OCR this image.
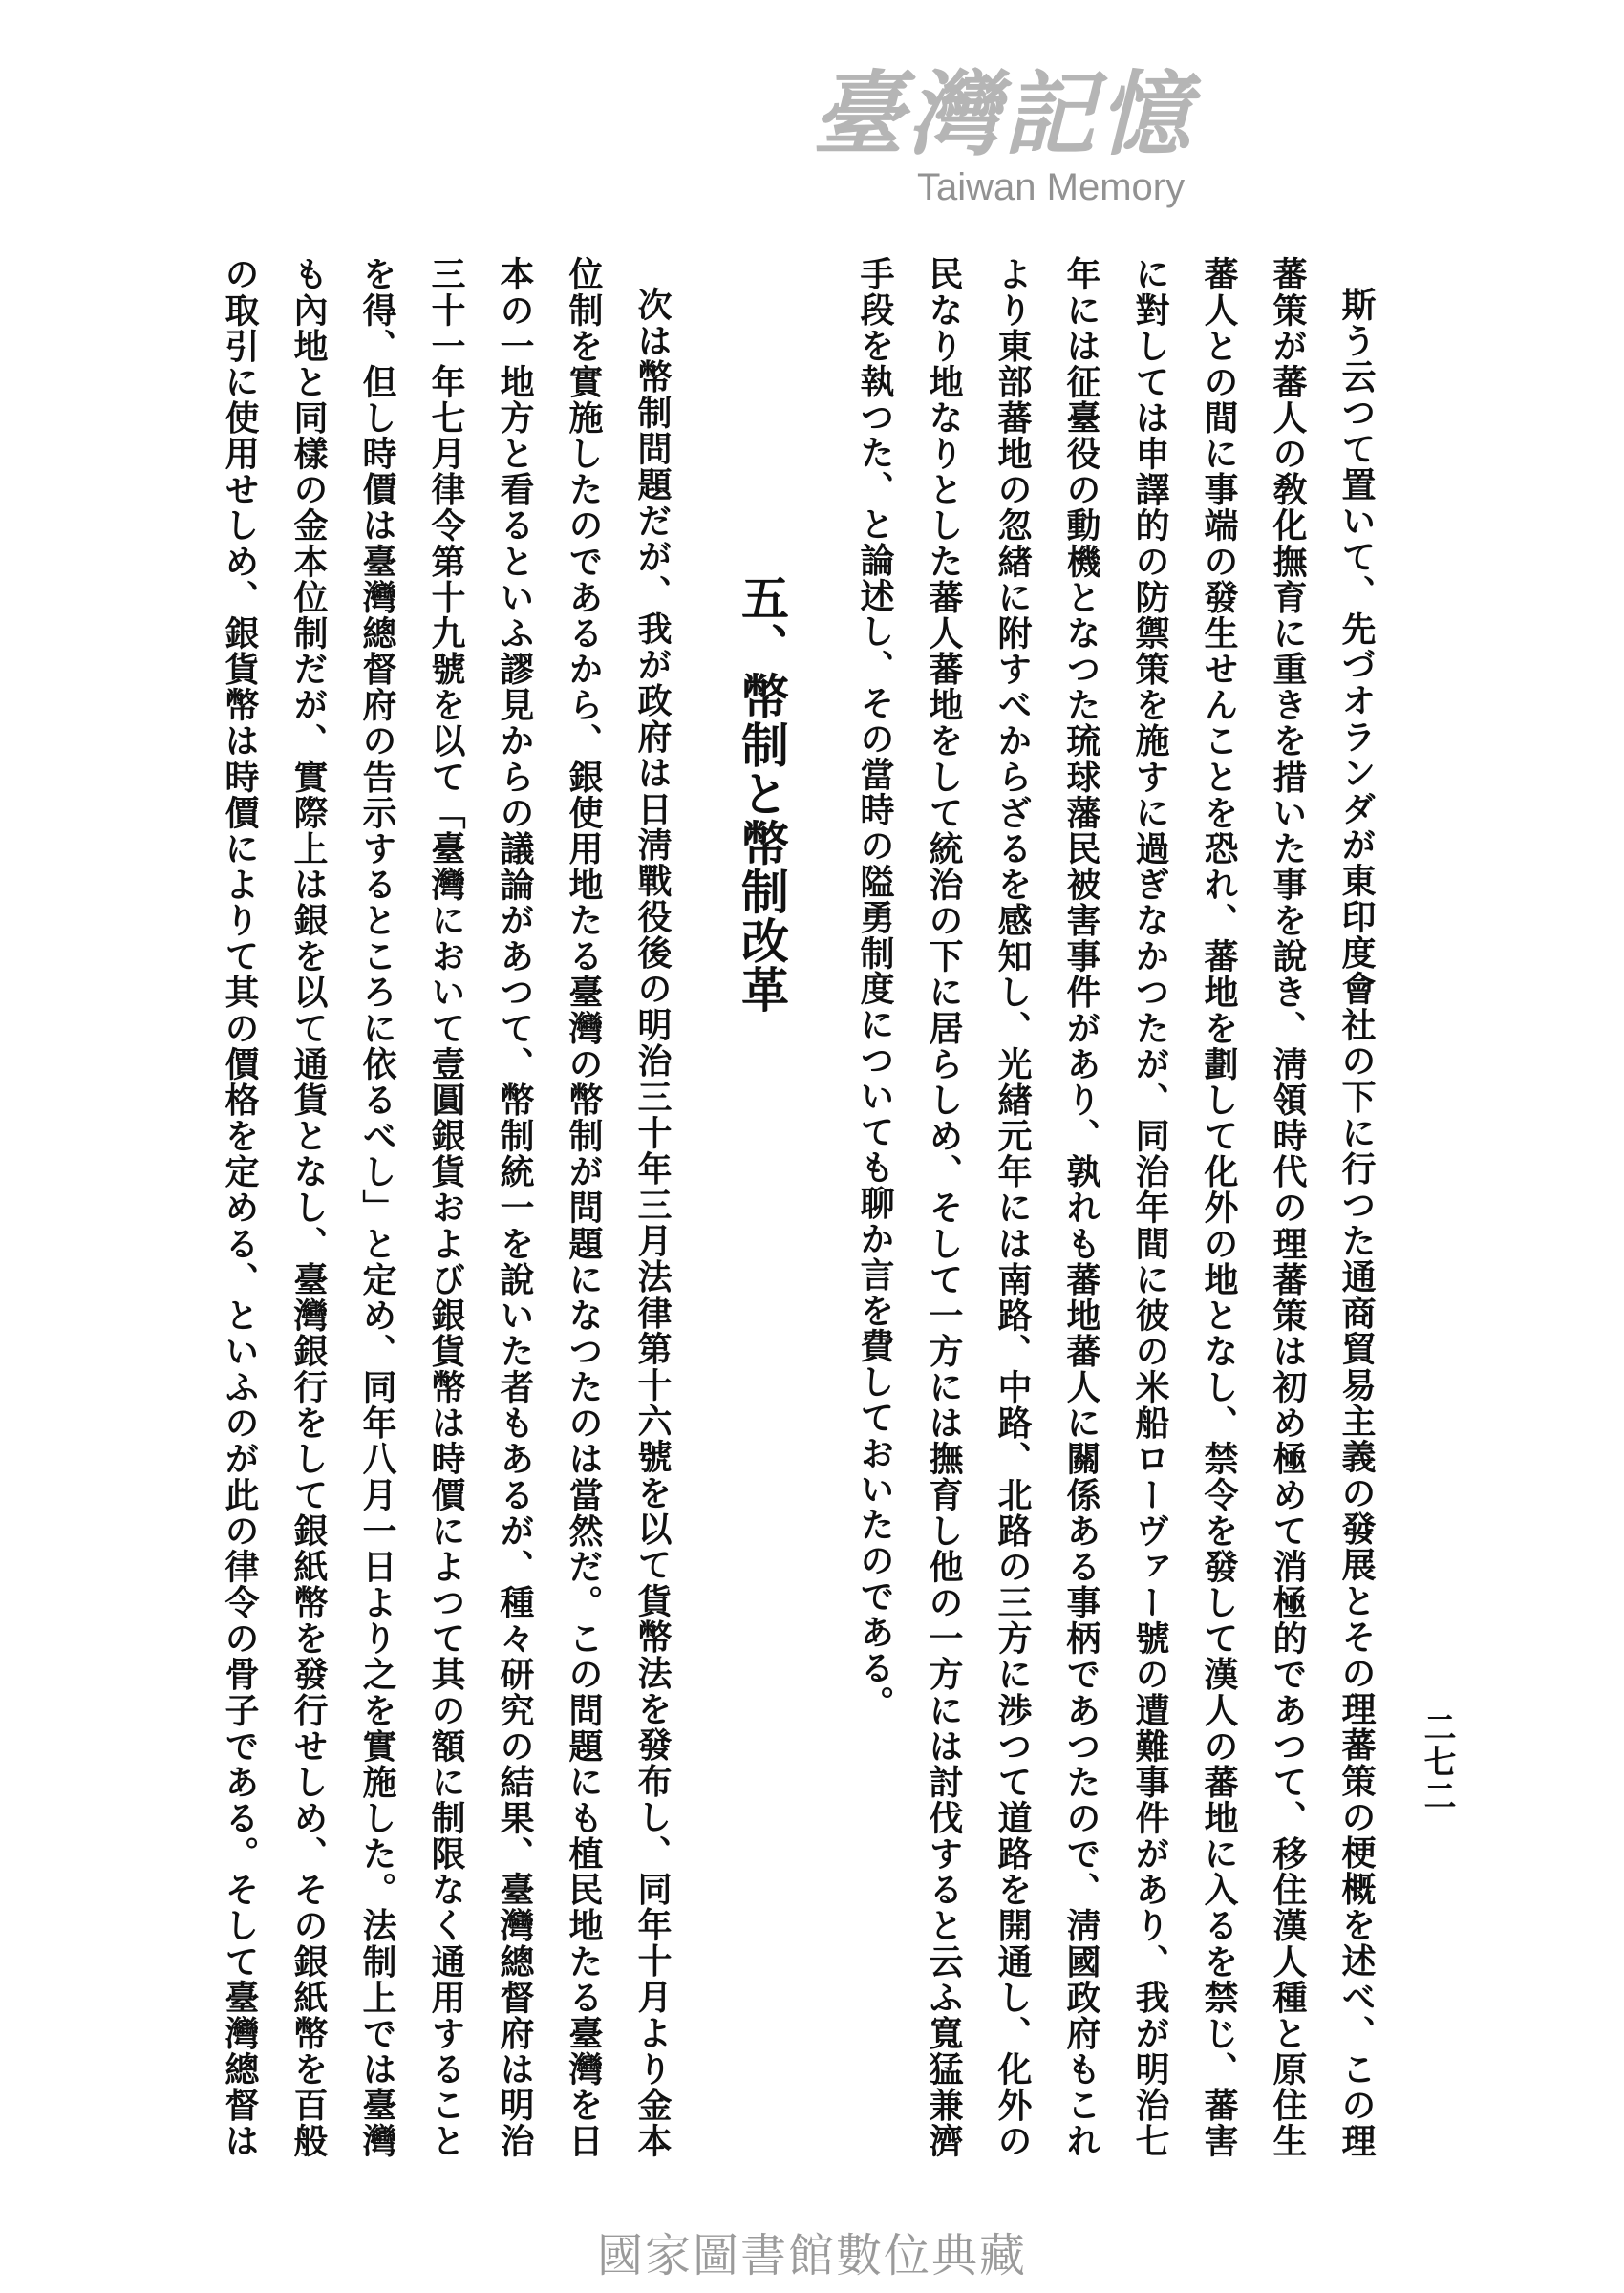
二七二
斯う云つて置いて、先づオランダが東印度會社の下に行つた通商貿易主義の發展とその理蕃策の梗概を述べ、この理
蕃策が蕃人の敎化撫育に重きを措いた事を說き、淸領時代の理蕃策は初め極めて消極的であつて、移住漢人種と原住生
蕃人との間に事端の發生せんことを恐れ、蕃地を劃して化外の地となし、禁令を發して漢人の蕃地に入るを禁じ、蕃害
に對しては申譯的の防禦策を施すに過ぎなかつたが、同治年間に彼の米船ローヴァー號の遭難事件があり、我が明治七
年には征臺役の動機となつた琉球藩民被害事件があり、孰れも蕃地蕃人に關係ある事柄であつたので、淸國政府もこれ
より東部蕃地の忽緖に附すべからざるを感知し、光緖元年には南路、中路、北路の三方に渉つて道路を開通し、化外の
民なり地なりとした蕃人蕃地をして統治の下に居らしめ、そして一方には撫育し他の一方には討伐すると云ふ寬猛兼濟
手段を執つた、と論述し、その當時の隘勇制度についても聊か言を費しておいたのである。
五、幣制と幣制改革
次は幣制問題だが、我が政府は日淸戰役後の明治三十年三月法律第十六號を以て貨幣法を發布し、同年十月より金本
位制を實施したのであるから、銀使用地たる臺灣の幣制が問題になつたのは當然だ。この問題にも植民地たる臺灣を日
本の一地方と看るといふ謬見からの議論があつて、幣制統一を說いた者もあるが、種々研究の結果、臺灣總督府は明治
三十一年七月律令第十九號を以て「臺灣において壹圓銀貨および銀貨幣は時價によつて其の額に制限なく通用すること
を得、但し時價は臺灣總督府の告示するところに依るべし」と定め、同年八月一日より之を實施した。法制上では臺灣
も內地と同樣の金本位制だが、實際上は銀を以て通貨となし、臺灣銀行をして銀紙幣を發行せしめ、その銀紙幣を百般
の取引に使用せしめ、銀貨幣は時價によりて其の價格を定める、といふのが此の律令の骨子である。そして臺灣總督は
臺灣記憶
Taiwan Memory
國家圖書館數位典藏
